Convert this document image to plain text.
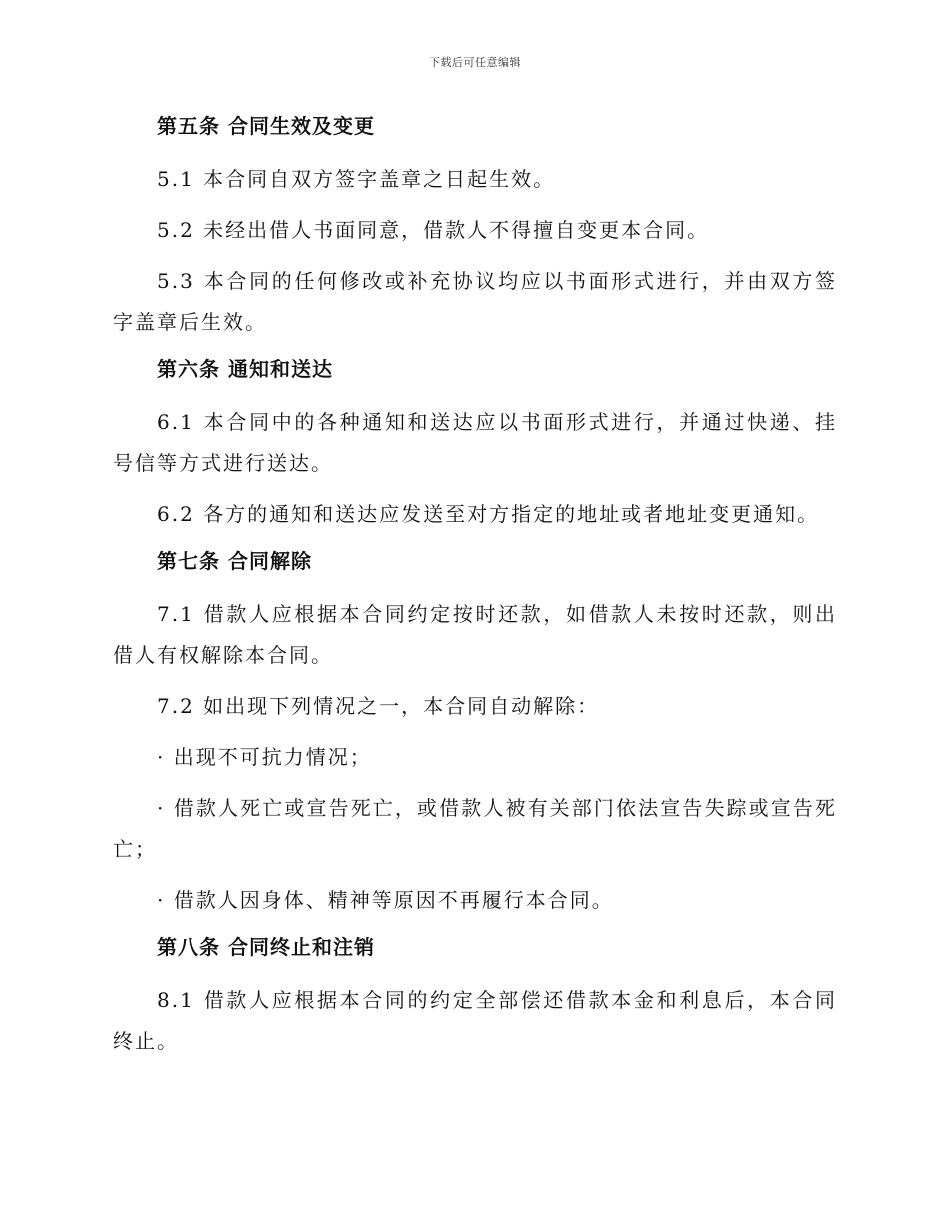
下载后可任意编辑
第五条 合同生效及变更
5.1 本合同自双方签字盖章之日起生效。
5.2 未经出借人书面同意，借款人不得擅自变更本合同。
5.3 本合同的任何修改或补充协议均应以书面形式进行，并由双方签字盖章后生效。
第六条 通知和送达
6.1 本合同中的各种通知和送达应以书面形式进行，并通过快递、挂号信等方式进行送达。
6.2 各方的通知和送达应发送至对方指定的地址或者地址变更通知。
第七条 合同解除
7.1 借款人应根据本合同约定按时还款，如借款人未按时还款，则出借人有权解除本合同。
7.2 如出现下列情况之一，本合同自动解除：
· 出现不可抗力情况；
· 借款人死亡或宣告死亡，或借款人被有关部门依法宣告失踪或宣告死亡；
· 借款人因身体、精神等原因不再履行本合同。
第八条 合同终止和注销
8.1 借款人应根据本合同的约定全部偿还借款本金和利息后，本合同终止。
